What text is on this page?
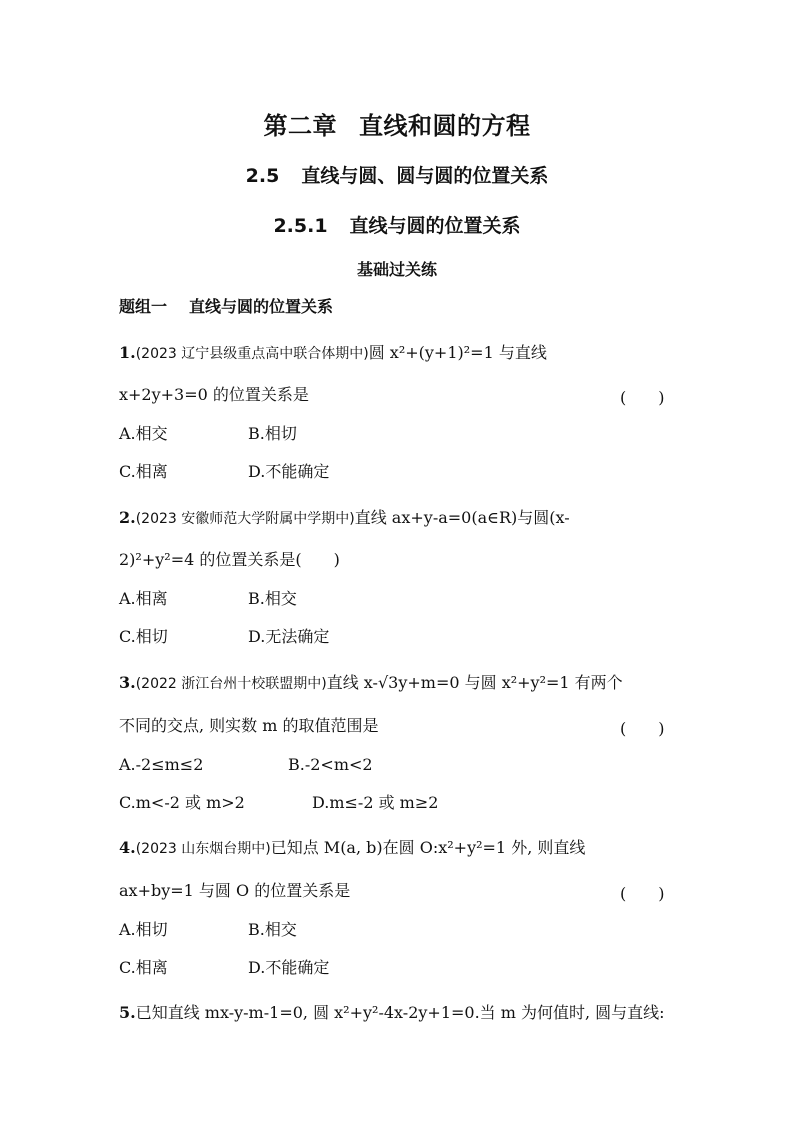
第二章 直线和圆的方程
2.5 直线与圆、圆与圆的位置关系
2.5.1 直线与圆的位置关系
基础过关练
题组一 直线与圆的位置关系
1.(2023 辽宁县级重点高中联合体期中)圆 x²+(y+1)²=1 与直线
x+2y+3=0 的位置关系是	(　　)
A.相交	B.相切
C.相离	D.不能确定
2.(2023 安徽师范大学附属中学期中)直线 ax+y-a=0(a∈R)与圆(x-
2)²+y²=4 的位置关系是(　　)
A.相离	B.相交
C.相切	D.无法确定
3.(2022 浙江台州十校联盟期中)直线 x-√3y+m=0 与圆 x²+y²=1 有两个
不同的交点, 则实数 m 的取值范围是	(　　)
A.-2≤m≤2	B.-2<m<2
C.m<-2 或 m>2	D.m≤-2 或 m≥2
4.(2023 山东烟台期中)已知点 M(a, b)在圆 O:x²+y²=1 外, 则直线
ax+by=1 与圆 O 的位置关系是	(　　)
A.相切	B.相交
C.相离	D.不能确定
5.已知直线 mx-y-m-1=0, 圆 x²+y²-4x-2y+1=0.当 m 为何值时, 圆与直线:
